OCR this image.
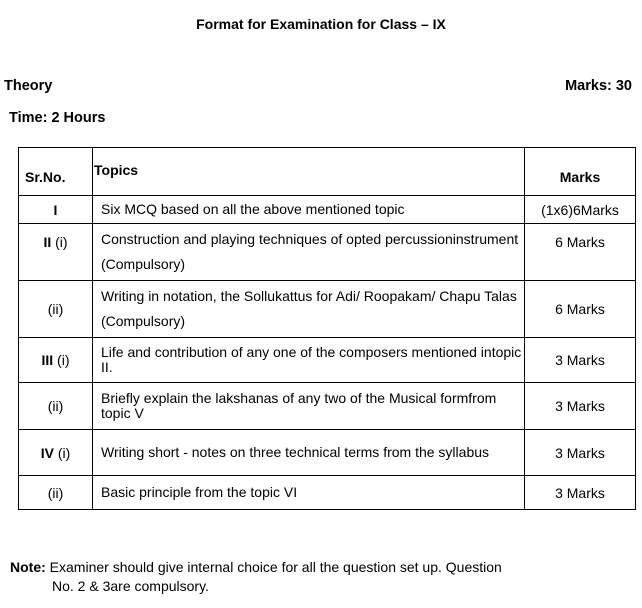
Format for Examination for Class – IX
Theory	Marks: 30
Time: 2 Hours
Sr.No.	Topics	Marks
I	Six MCQ based on all the above mentioned topic	(1x6)6Marks
II (i)	Construction and playing techniques of opted percussioninstrument (Compulsory)	6 Marks
(ii)	Writing in notation, the Sollukattus for Adi/ Roopakam/ Chapu Talas (Compulsory)	6 Marks
III (i)	Life and contribution of any one of the composers mentioned intopic II.	3 Marks
(ii)	Briefly explain the lakshanas of any two of the Musical formfrom topic V	3 Marks
IV (i)	Writing short - notes on three technical terms from the syllabus	3 Marks
(ii)	Basic principle from the topic VI	3 Marks
Note: Examiner should give internal choice for all the question set up. Question
No. 2 & 3are compulsory.
